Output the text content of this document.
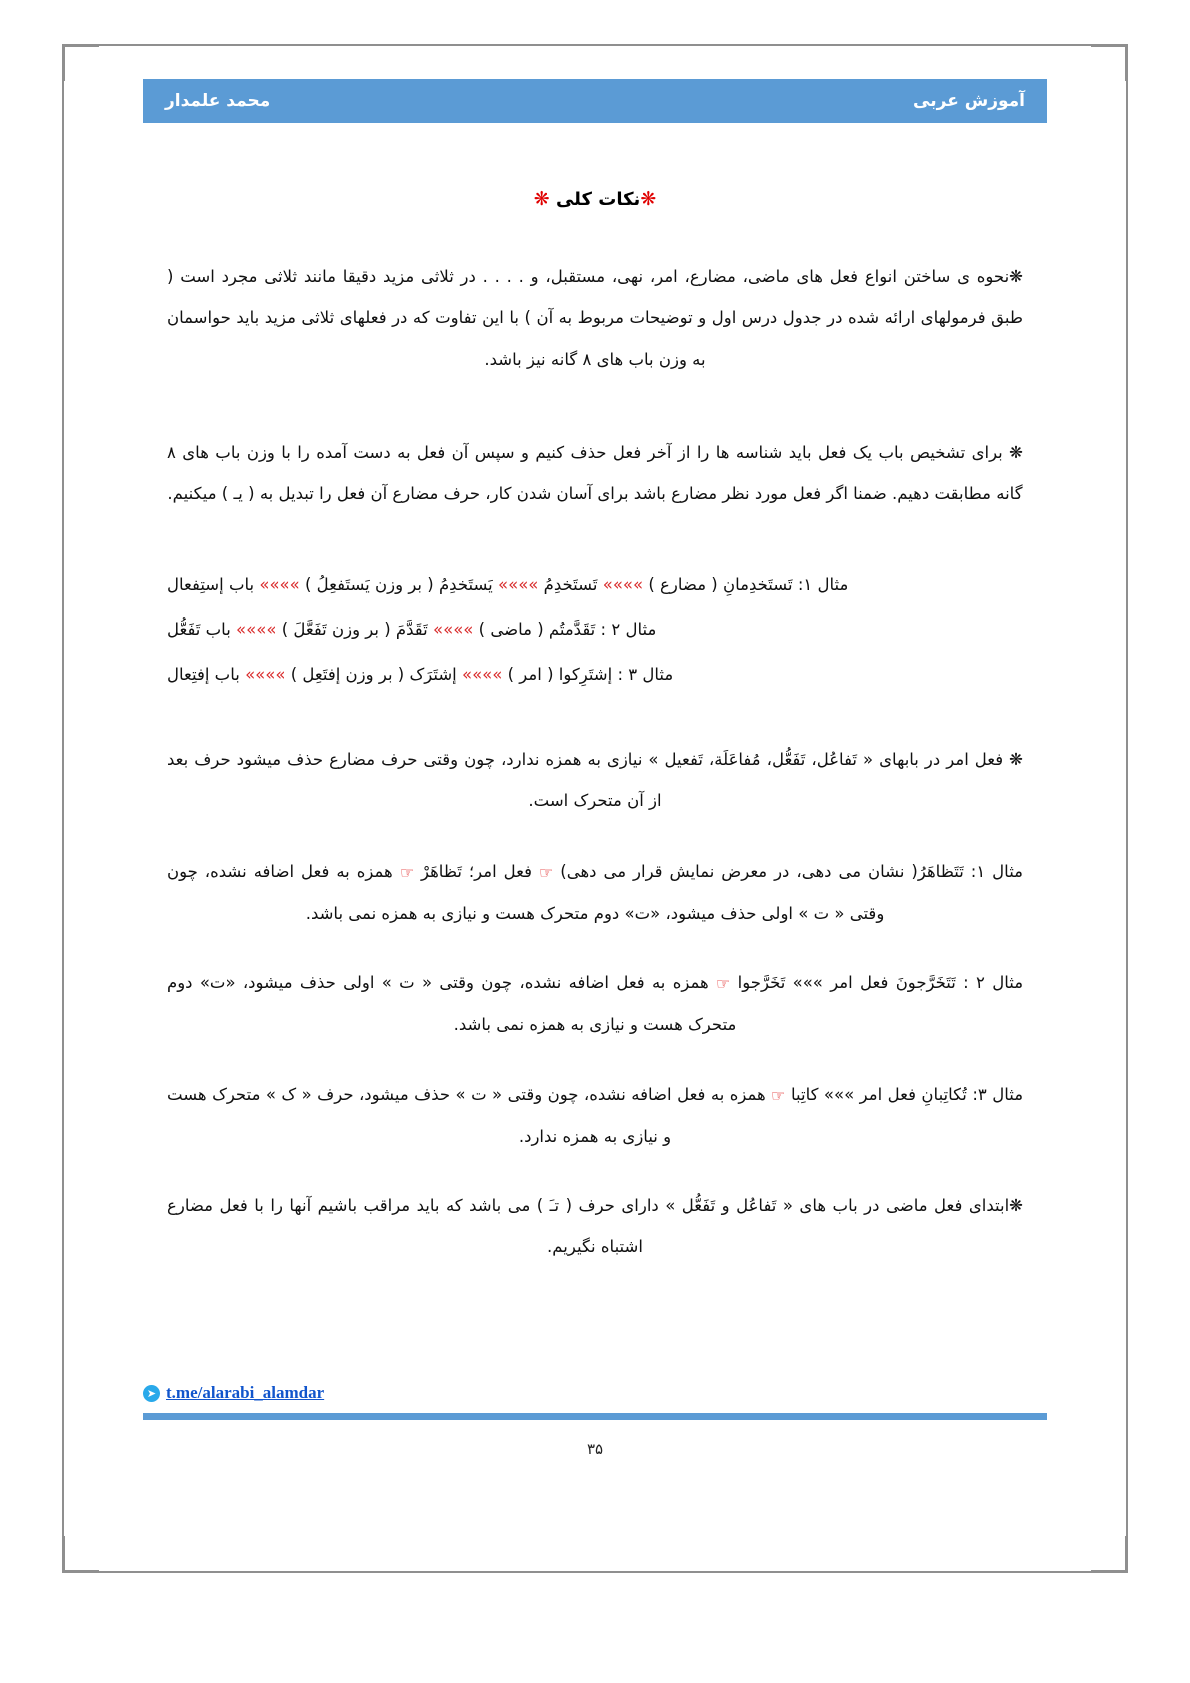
آموزش عربی
محمد علمدار
❋نکات کلی ❋

❋نحوه ی ساختن انواع فعل های ماضی، مضارع، امر، نهی، مستقبل، و . . . . در ثلاثی مزید دقیقا مانند ثلاثی مجرد است ( طبق فرمولهای ارائه شده در جدول درس اول و توضیحات مربوط به آن ) با این تفاوت که در فعلهای ثلاثی مزید باید حواسمان به وزن باب های ۸ گانه نیز باشد.

❋ برای تشخیص باب یک فعل باید شناسه ها را از آخر فعل حذف کنیم و سپس آن فعل به دست آمده را با وزن باب های ۸ گانه مطابقت دهیم. ضمنا اگر فعل مورد نظر مضارع باشد برای آسان شدن کار، حرف مضارع آن فعل را تبدیل به ( یـ ) میکنیم.

مثال ۱: تَستَخدِمانِ ( مضارع ) »»»» تَستَخدِمُ »»»» یَستَخدِمُ ( بر وزن یَستَفعِلُ ) »»»» باب إستِفعال
مثال ۲ : تَقَدَّمتُم ( ماضی ) »»»» تَقَدَّمَ ( بر وزن تَفَعَّلَ ) »»»» باب تَفَعُّل
مثال ۳ : إشتَرِکوا ( امر ) »»»» إشتَرَک ( بر وزن إفتَعِل ) »»»» باب إفتِعال

❋ فعل امر در بابهای « تَفاعُل، تَفَعُّل، مُفاعَلَة، تَفعیل » نیازی به همزه ندارد، چون وقتی حرف مضارع حذف میشود حرف بعد از آن متحرک است.

مثال ۱: تَتَظاهَرُ( نشان می دهی، در معرض نمایش قرار می دهی) ☜ فعل امر؛ تَظاهَرْ ☜ همزه به فعل اضافه نشده، چون وقتی « ت » اولی حذف میشود، «ت» دوم متحرک هست و نیازی به همزه نمی باشد.
مثال ۲ : تَتَخَرَّجونَ فعل امر »»» تَخَرَّجوا ☜ همزه به فعل اضافه نشده، چون وقتی « ت » اولی حذف میشود، «ت» دوم متحرک هست و نیازی به همزه نمی باشد.
مثال ۳: تُکاتِبانِ فعل امر »»» کاتِبا ☜ همزه به فعل اضافه نشده، چون وقتی « ت » حذف میشود، حرف « ک » متحرک هست و نیازی به همزه ندارد.

❋ابتدای فعل ماضی در باب های « تَفاعُل و تَفَعُّل » دارای حرف ( تـَ ) می باشد که باید مراقب باشیم آنها را با فعل مضارع اشتباه نگیریم.

➤ t.me/alarabi_alamdar
۳۵
